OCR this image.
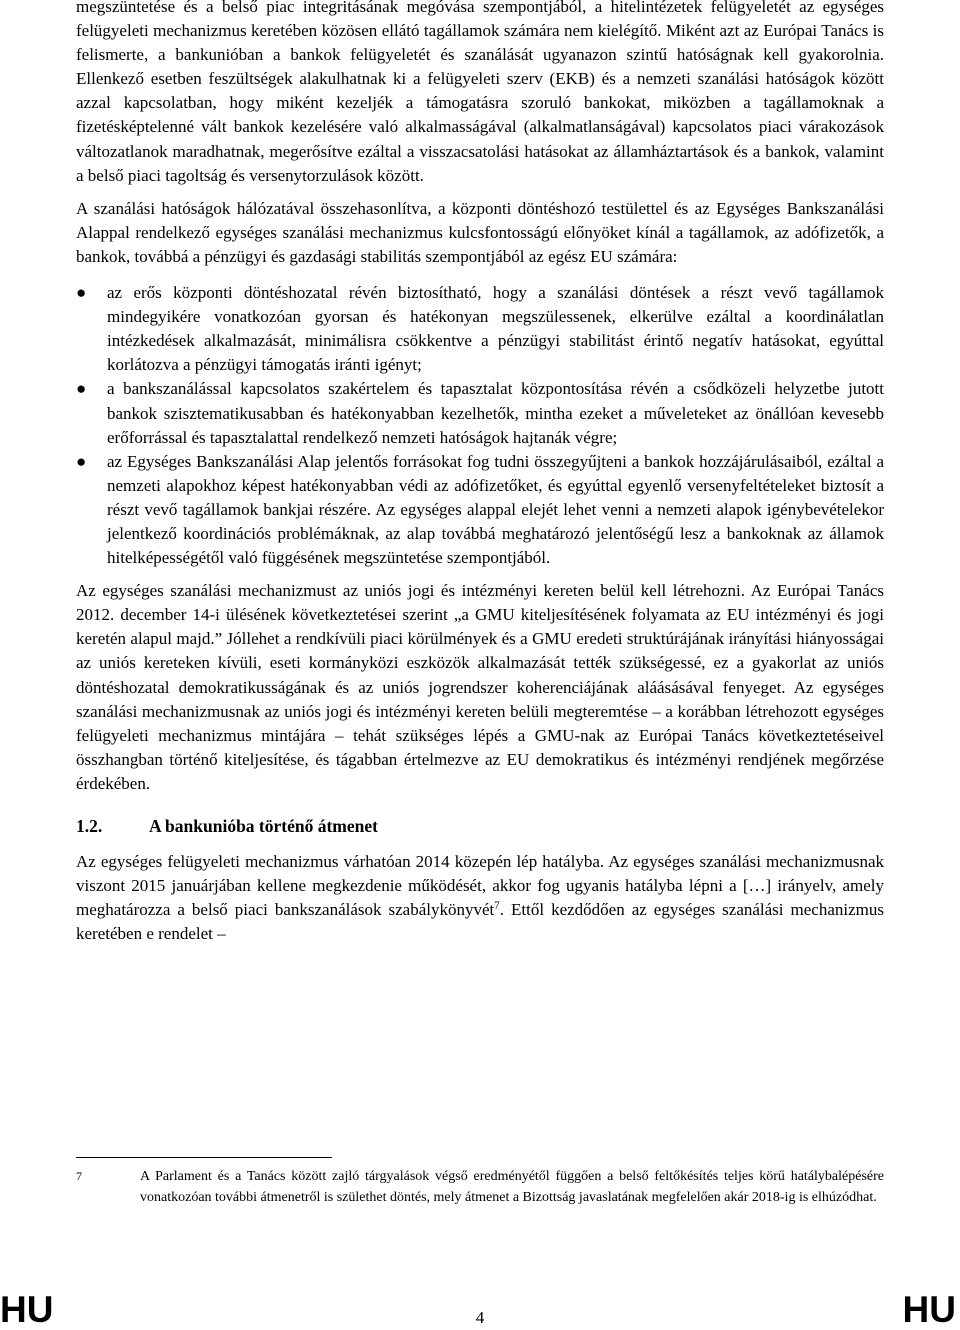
megszüntetése és a belső piac integritásának megóvása szempontjából, a hitelintézetek felügyeletét az egységes felügyeleti mechanizmus keretében közösen ellátó tagállamok számára nem kielégítő. Miként azt az Európai Tanács is felismerte, a bankunióban a bankok felügyeletét és szanálását ugyanazon szintű hatóságnak kell gyakorolnia. Ellenkező esetben feszültségek alakulhatnak ki a felügyeleti szerv (EKB) és a nemzeti szanálási hatóságok között azzal kapcsolatban, hogy miként kezeljék a támogatásra szoruló bankokat, miközben a tagállamoknak a fizetésképtelenné vált bankok kezelésére való alkalmasságával (alkalmatlanságával) kapcsolatos piaci várakozások változatlanok maradhatnak, megerősítve ezáltal a visszacsatolási hatásokat az államháztartások és a bankok, valamint a belső piaci tagoltság és versenytorzulások között.

A szanálási hatóságok hálózatával összehasonlítva, a központi döntéshozó testülettel és az Egységes Bankszanálási Alappal rendelkező egységes szanálási mechanizmus kulcsfontosságú előnyöket kínál a tagállamok, az adófizetők, a bankok, továbbá a pénzügyi és gazdasági stabilitás szempontjából az egész EU számára:

● az erős központi döntéshozatal révén biztosítható, hogy a szanálási döntések a részt vevő tagállamok mindegyikére vonatkozóan gyorsan és hatékonyan megszülessenek, elkerülve ezáltal a koordinálatlan intézkedések alkalmazását, minimálisra csökkentve a pénzügyi stabilitást érintő negatív hatásokat, egyúttal korlátozva a pénzügyi támogatás iránti igényt;
● a bankszanálással kapcsolatos szakértelem és tapasztalat központosítása révén a csődközeli helyzetbe jutott bankok szisztematikusabban és hatékonyabban kezelhetők, mintha ezeket a műveleteket az önállóan kevesebb erőforrással és tapasztalattal rendelkező nemzeti hatóságok hajtanák végre;
● az Egységes Bankszanálási Alap jelentős forrásokat fog tudni összegyűjteni a bankok hozzájárulásaiból, ezáltal a nemzeti alapokhoz képest hatékonyabban védi az adófizetőket, és egyúttal egyenlő versenyfeltételeket biztosít a részt vevő tagállamok bankjai részére. Az egységes alappal elejét lehet venni a nemzeti alapok igénybevételekor jelentkező koordinációs problémáknak, az alap továbbá meghatározó jelentőségű lesz a bankoknak az államok hitelképességétől való függésének megszüntetése szempontjából.

Az egységes szanálási mechanizmust az uniós jogi és intézményi kereten belül kell létrehozni. Az Európai Tanács 2012. december 14-i ülésének következtetései szerint „a GMU kiteljesítésének folyamata az EU intézményi és jogi keretén alapul majd.” Jóllehet a rendkívüli piaci körülmények és a GMU eredeti struktúrájának irányítási hiányosságai az uniós kereteken kívüli, eseti kormányközi eszközök alkalmazását tették szükségessé, ez a gyakorlat az uniós döntéshozatal demokratikusságának és az uniós jogrendszer koherenciájának aláásásával fenyeget. Az egységes szanálási mechanizmusnak az uniós jogi és intézményi kereten belüli megteremtése – a korábban létrehozott egységes felügyeleti mechanizmus mintájára – tehát szükséges lépés a GMU-nak az Európai Tanács következtetéseivel összhangban történő kiteljesítése, és tágabban értelmezve az EU demokratikus és intézményi rendjének megőrzése érdekében.

1.2.	A bankunióba történő átmenet

Az egységes felügyeleti mechanizmus várhatóan 2014 közepén lép hatályba. Az egységes szanálási mechanizmusnak viszont 2015 januárjában kellene megkezdenie működését, akkor fog ugyanis hatályba lépni a […] irányelv, amely meghatározza a belső piaci bankszanálások szabálykönyvét$^7$. Ettől kezdődően az egységes szanálási mechanizmus keretében e rendelet –

7	A Parlament és a Tanács között zajló tárgyalások végső eredményétől függően a belső feltőkésítés teljes körű hatálybalépésére vonatkozóan további átmenetről is születhet döntés, mely átmenet a Bizottság javaslatának megfelelően akár 2018-ig is elhúzódhat.
HU	4	HU
